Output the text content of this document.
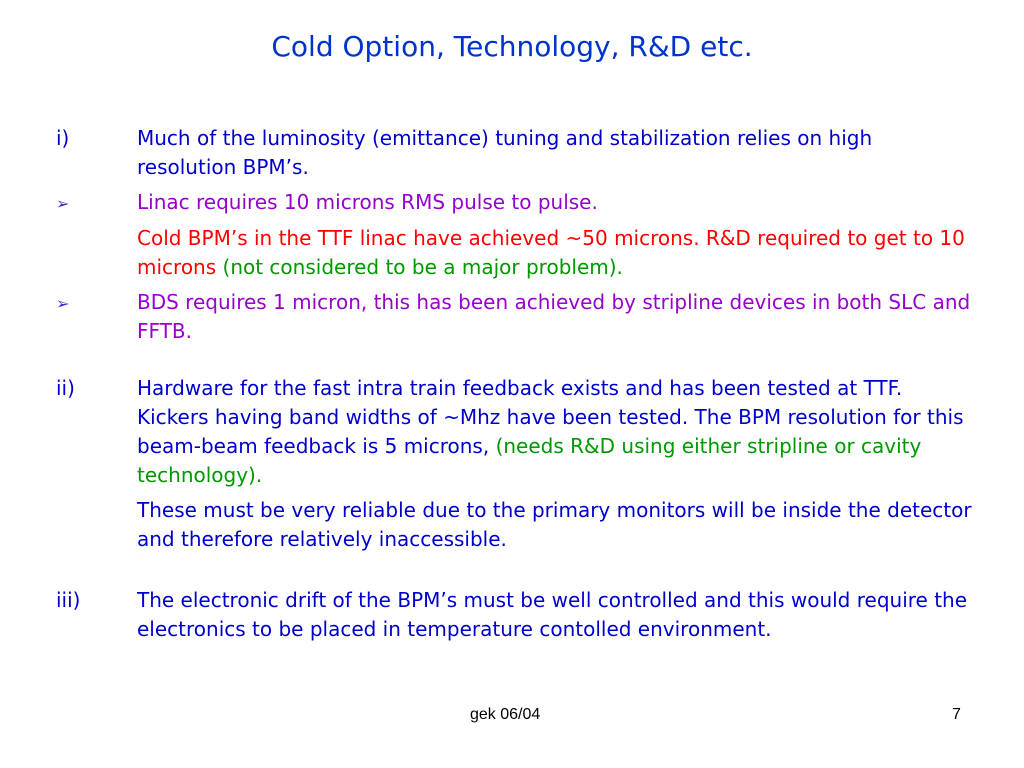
Cold Option, Technology, R&D etc.
i)	Much of the luminosity (emittance) tuning and stabilization relies on high resolution BPM’s.
➢	Linac requires 10 microns RMS pulse to pulse.
Cold BPM’s in the TTF linac have achieved ~50 microns. R&D required to get to 10 microns (not considered to be a major problem).
➢	BDS requires 1 micron, this has been achieved by stripline devices in both SLC and FFTB.
ii)	Hardware for the fast intra train feedback exists and has been tested at TTF. Kickers having band widths of ~Mhz have been tested. The BPM resolution for this beam-beam feedback is 5 microns, (needs R&D using either stripline or cavity technology).
These must be very reliable due to the primary monitors will be inside the detector and therefore relatively inaccessible.
iii)	The electronic drift of the BPM’s must be well controlled and this would require the electronics to be placed in temperature contolled environment.
gek 06/04	7
